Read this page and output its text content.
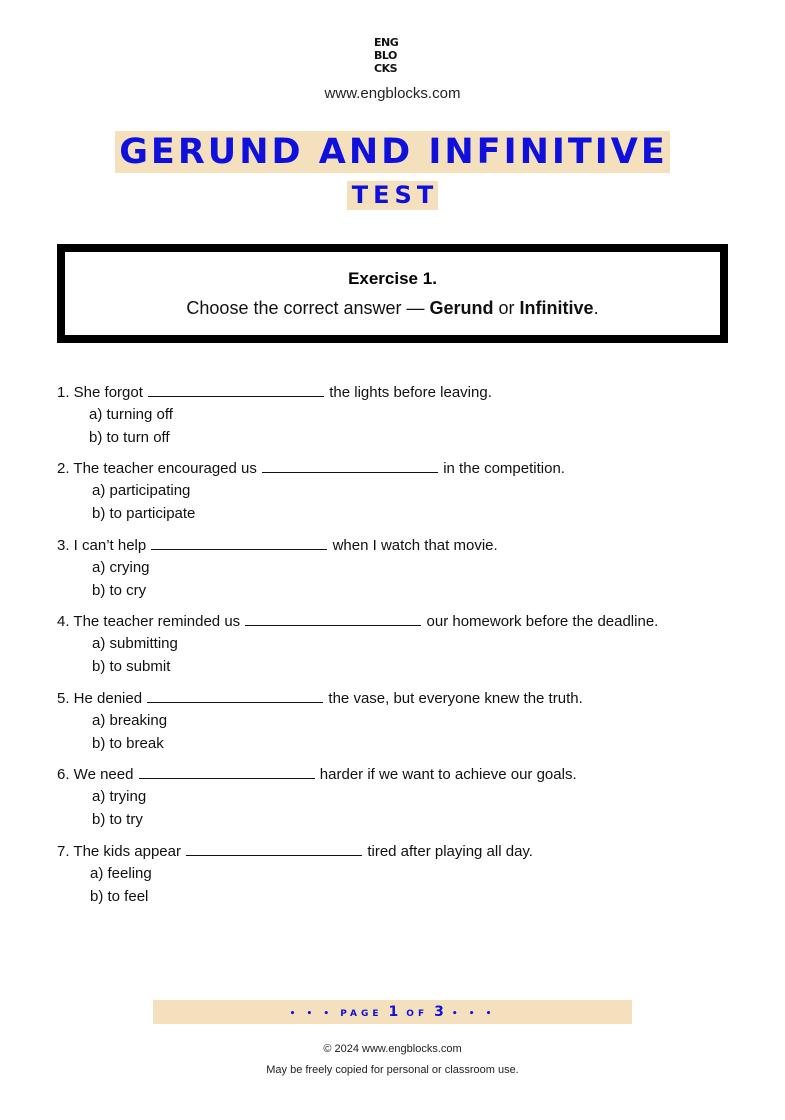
ENG
BLO
CKS
www.engblocks.com
GERUND AND INFINITIVE
TEST
Exercise 1.
Choose the correct answer — Gerund or Infinitive.
1. She forgot	the lights before leaving.
a) turning off
b) to turn off
2. The teacher encouraged us	in the competition.
a) participating
b) to participate
3. I can’t help	when I watch that movie.
a) crying
b) to cry
4. The teacher reminded us	our homework before the deadline.
a) submitting
b) to submit
5. He denied	the vase, but everyone knew the truth.
a) breaking
b) to break
6. We need	harder if we want to achieve our goals.
a) trying
b) to try
7. The kids appear	tired after playing all day.
a) feeling
b) to feel
• • • PAGE 1 OF 3 • • •
© 2024 www.engblocks.com
May be freely copied for personal or classroom use.
